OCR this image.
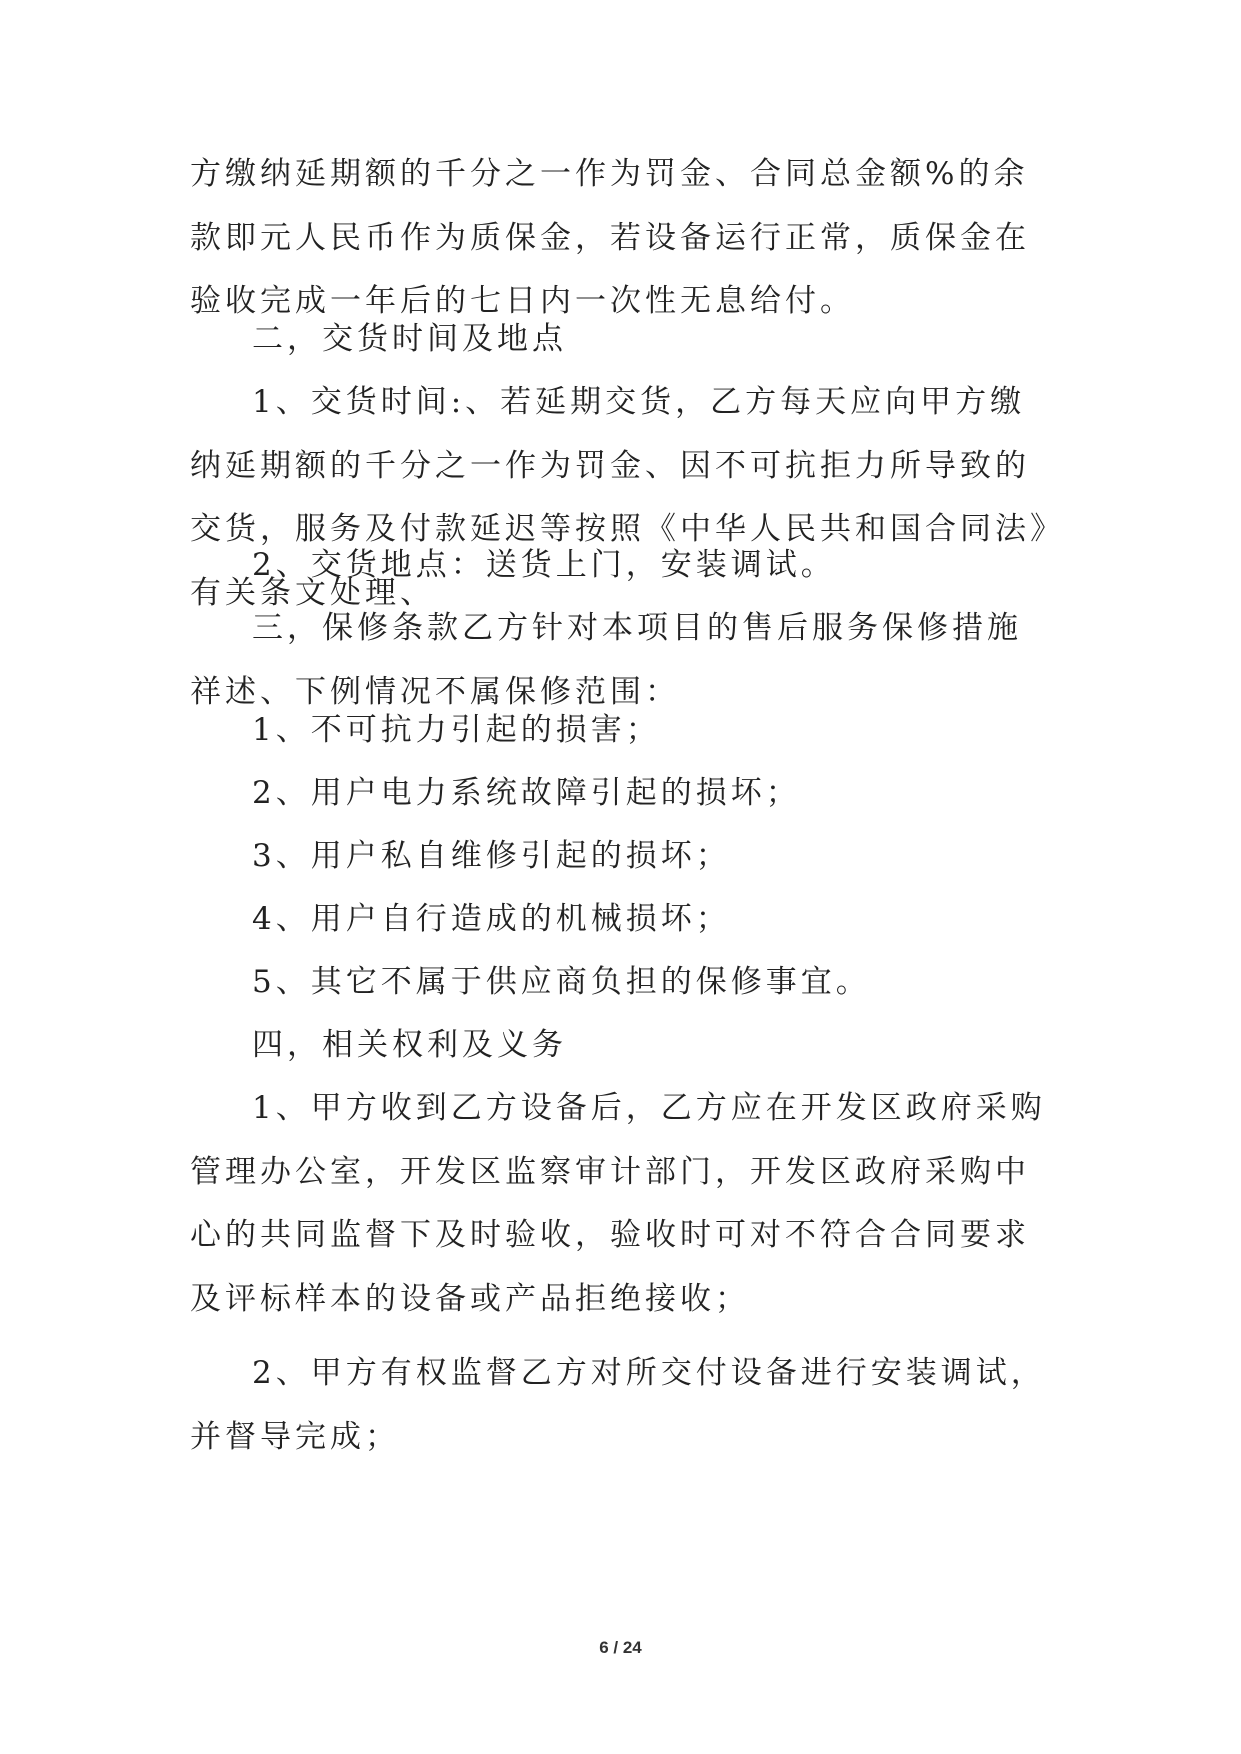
方缴纳延期额的千分之一作为罚金、合同总金额%的余款即元人民币作为质保金，若设备运行正常，质保金在验收完成一年后的七日内一次性无息给付。

二，交货时间及地点

1、交货时间:、若延期交货，乙方每天应向甲方缴纳延期额的千分之一作为罚金、因不可抗拒力所导致的交货，服务及付款延迟等按照《中华人民共和国合同法》有关条文处理、

2、交货地点：送货上门，安装调试。

三，保修条款乙方针对本项目的售后服务保修措施祥述、下例情况不属保修范围：

1、不可抗力引起的损害；

2、用户电力系统故障引起的损坏；

3、用户私自维修引起的损坏；

4、用户自行造成的机械损坏；

5、其它不属于供应商负担的保修事宜。

四，相关权利及义务

1、甲方收到乙方设备后，乙方应在开发区政府采购管理办公室，开发区监察审计部门，开发区政府采购中心的共同监督下及时验收，验收时可对不符合合同要求及评标样本的设备或产品拒绝接收；

2、甲方有权监督乙方对所交付设备进行安装调试，并督导完成；

6 / 24
